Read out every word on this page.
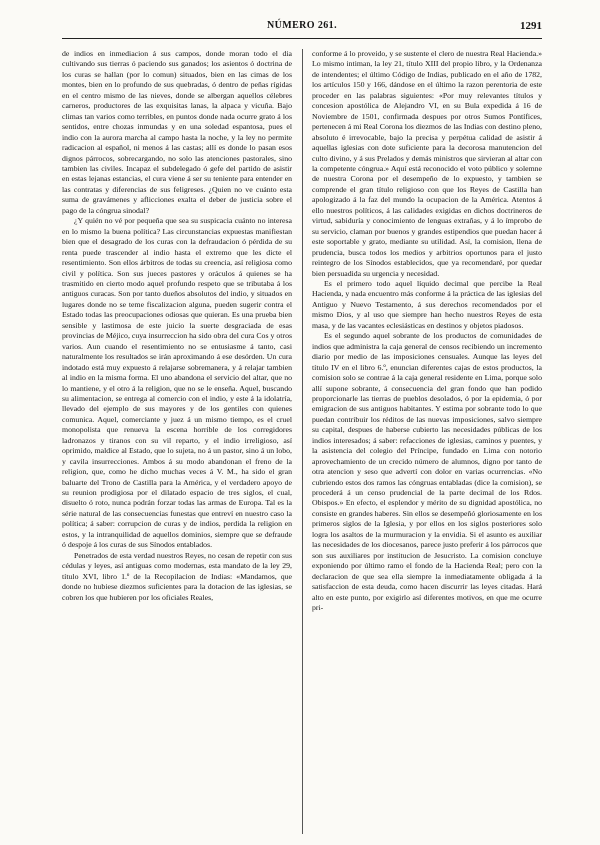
NÚMERO 261.	1291

de indios en inmediacion á sus campos, donde moran todo el dia cultivando sus tierras ó paciendo sus ganados; los asientos ó doctrina de los curas se hallan (por lo comun) situados, bien en las cimas de los montes, bien en lo profundo de sus quebradas, ó dentro de peñas rígidas en el centro mismo de las nieves, donde se albergan aquellos célebres carneros, productores de las exquisitas lanas, la alpaca y vicuña. Bajo climas tan varios como terribles, en puntos donde nada ocurre grato á los sentidos, entre chozas inmundas y en una soledad espantosa, pues el indio con la aurora marcha al campo hasta la noche, y la ley no permite radicacion al español, ni menos á las castas; allí es donde lo pasan esos dignos párrocos, sobrecargando, no solo las atenciones pastorales, sino tambien las civiles. Incapaz el subdelegado ó gefe del partido de asistir en estas lejanas estancias, el cura viene á ser su teniente para entender en las contratas y diferencias de sus feligreses. ¿Quien no ve cuánto esta suma de gravámenes y aflicciones exalta el deber de justicia sobre el pago de la cóngrua sinodal?

¿Y quién no vé por pequeña que sea su suspicacia cuánto no interesa en lo mismo la buena política? Las circunstancias expuestas manifiestan bien que el desagrado de los curas con la defraudacion ó pérdida de su renta puede trascender al indio hasta el extremo que les dicte el resentimiento. Son ellos árbitros de todas su creencia, así religiosa como civil y política. Son sus jueces pastores y oráculos á quienes se ha trasmitido en cierto modo aquel profundo respeto que se tributaba á los antiguos curacas. Son por tanto dueños absolutos del indio, y situados en lugares donde no se teme fiscalizacion alguna, pueden sugerir contra el Estado todas las preocupaciones odiosas que quieran. Es una prueba bien sensible y lastimosa de este juicio la suerte desgraciada de esas provincias de Méjico, cuya insurreccion ha sido obra del cura Cos y otros varios. Aun cuando el resentimiento no se entusiasme á tanto, casi naturalmente los resultados se irán aproximando á ese desórden. Un cura indotado está muy expuesto á relajarse sobremanera, y á relajar tambien al indio en la misma forma. El uno abandona el servicio del altar, que no lo mantiene, y el otro á la religion, que no se le enseña. Aquel, buscando su alimentacion, se entrega al comercio con el indio, y este á la idolatría, llevado del ejemplo de sus mayores y de los gentiles con quienes comunica. Aquel, comerciante y juez á un mismo tiempo, es el cruel monopolista que renueva la escena horrible de los corregidores ladronazos y tiranos con su vil reparto, y el indio irreligioso, así oprimido, maldice al Estado, que lo sujeta, no á un pastor, sino á un lobo, y cavila insurrecciones. Ambos á su modo abandonan el freno de la religion, que, como he dicho muchas veces á V. M., ha sido el gran baluarte del Trono de Castilla para la América, y el verdadero apoyo de su reunion prodigiosa por el dilatado espacio de tres siglos, el cual, disuelto ó roto, nunca podrán forzar todas las armas de Europa. Tal es la série natural de las consecuencias funestas que entreví en nuestro caso la política; á saber: corrupcion de curas y de indios, perdida la religion en estos, y la intranquilidad de aquellos dominios, siempre que se defraude ó despoje á los curas de sus Sínodos entablados.

Penetrados de esta verdad nuestros Reyes, no cesan de repetir con sus cédulas y leyes, así antiguas como modernas, esta mandato de la ley 29, título XVI, libro 1.º de la Recopilacion de Indias: «Mandamos, que donde no hubiese diezmos suficientes para la dotacion de las iglesias, se cobren los que hubieren por los oficiales Reales,

conforme á lo proveido, y se sustente el clero de nuestra Real Hacienda.» Lo mismo intiman, la ley 21, título XIII del propio libro, y la Ordenanza de intendentes; el último Código de Indias, publicado en el año de 1782, los artículos 150 y 166, dándose en el último la razon perentoria de este proceder en las palabras siguientes: «Por muy relevantes títulos y concesion apostólica de Alejandro VI, en su Bula expedida á 16 de Noviembre de 1501, confirmada despues por otros Sumos Pontífices, pertenecen á mi Real Corona los diezmos de las Indias con destino pleno, absoluto é irrevocable, bajo la precisa y perpétua calidad de asistir á aquellas iglesias con dote suficiente para la decorosa manutencion del culto divino, y á sus Prelados y demás ministros que sirvieran al altar con la competente cóngrua.» Aquí está reconocido el voto público y solemne de nuestra Corona por el desempeño de lo expuesto, y tambien se comprende el gran título religioso con que los Reyes de Castilla han apologizado á la faz del mundo la ocupacion de la América. Atentos á ello nuestros políticos, á las calidades exigidas en dichos doctrineros de virtud, sabiduría y conocimiento de lenguas extrañas, y á lo ímprobo de su servicio, claman por buenos y grandes estipendios que puedan hacer á este soportable y grato, mediante su utilidad. Así, la comision, llena de prudencia, busca todos los medios y arbitrios oportunos para el justo reintegro de los Sínodos establecidos, que ya recomendaré, por quedar bien persuadida su urgencia y necesidad.

Es el primero todo aquel líquido decimal que percibe la Real Hacienda, y nada encuentro más conforme á la práctica de las iglesias del Antiguo y Nuevo Testamento, á sus derechos recomendados por el mismo Dios, y al uso que siempre han hecho nuestros Reyes de esta masa, y de las vacantes eclesiásticas en destinos y objetos piadosos.

Es el segundo aquel sobrante de los productos de comunidades de indios que administra la caja general de censos recibiendo un incremento diario por medio de las imposiciones censuales. Aunque las leyes del título IV en el libro 6.º, enuncian diferentes cajas de estos productos, la comision solo se contrae á la caja general residente en Lima, porque solo allí supone sobrante, á consecuencia del gran fondo que han podido proporcionarle las tierras de pueblos desolados, ó por la epidemia, ó por emigracion de sus antiguos habitantes. Y estima por sobrante todo lo que puedan contribuir los réditos de las nuevas imposiciones, salvo siempre su capital, despues de haberse cubierto las necesidades públicas de los indios interesados; á saber: refacciones de iglesias, caminos y puentes, y la asistencia del colegio del Príncipe, fundado en Lima con notorio aprovechamiento de un crecido número de alumnos, digno por tanto de otra atencion y seso que advertí con dolor en varias ocurrencias. «No cubriendo estos dos ramos las cóngruas entabladas (dice la comision), se procederá á un censo prudencial de la parte decimal de los Rdos. Obispos.» En efecto, el esplendor y mérito de su dignidad apostólica, no consiste en grandes haberes. Sin ellos se desempeñó gloriosamente en los primeros siglos de la Iglesia, y por ellos en los siglos posteriores solo logra los asaltos de la murmuracion y la envidia. Si el asunto es auxiliar las necesidades de los diocesanos, parece justo preferir á los párrocos que son sus auxiliares por institucion de Jesucristo. La comision concluye exponiendo por último ramo el fondo de la Hacienda Real; pero con la declaracion de que sea ella siempre la inmediatamente obligada á la satisfaccion de esta deuda, como hacen discurrir las leyes citadas. Hará alto en este punto, por exigirlo así diferentes motivos, en que me ocurre pri-
